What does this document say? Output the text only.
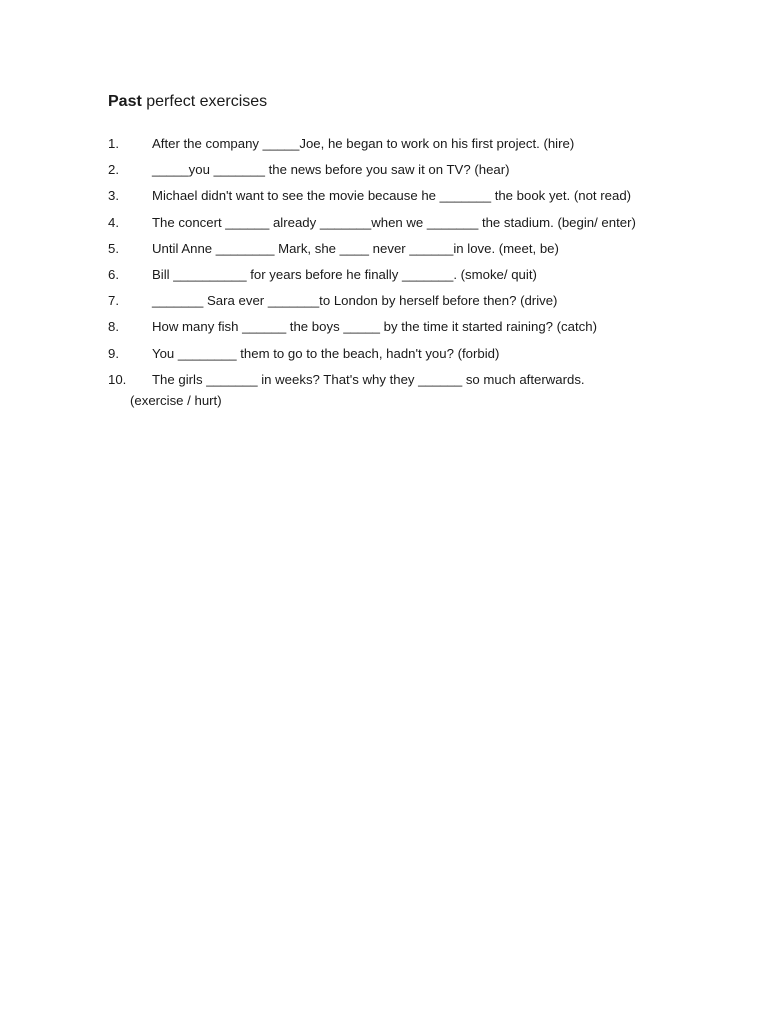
Past perfect exercises
1.	After the company _____Joe, he began to work on his first project. (hire)
2.	_____you _______ the news before you saw it on TV? (hear)
3.	Michael didn't want to see the movie because he _______ the book yet. (not read)
4.	The concert ______ already _______when we _______ the stadium. (begin/ enter)
5.	Until Anne ________ Mark, she ____ never ______in love. (meet, be)
6.	Bill __________ for years before he finally _______. (smoke/ quit)
7.	_______ Sara ever _______to London by herself before then? (drive)
8.	How many fish ______ the boys _____ by the time it started raining? (catch)
9.	You ________ them to go to the beach, hadn't you? (forbid)
10. The girls _______ in weeks? That's why they ______ so much afterwards.
(exercise / hurt)
